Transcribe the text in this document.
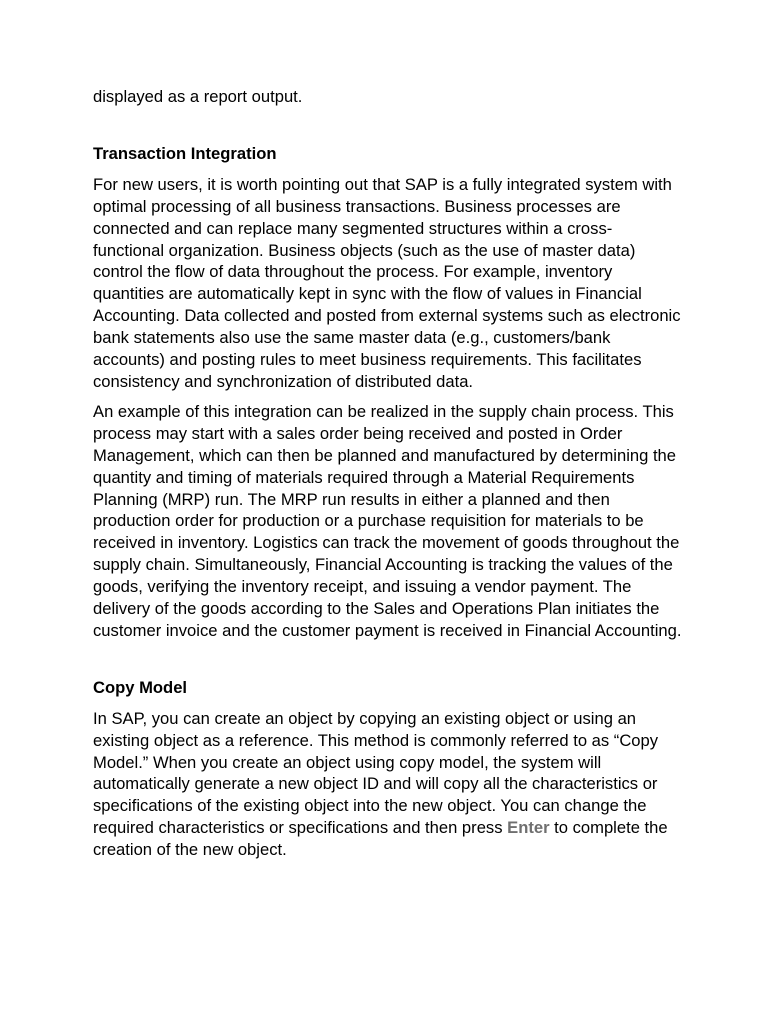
displayed as a report output.

Transaction Integration

For new users, it is worth pointing out that SAP is a fully integrated system with optimal processing of all business transactions. Business processes are connected and can replace many segmented structures within a cross-functional organization. Business objects (such as the use of master data) control the flow of data throughout the process. For example, inventory quantities are automatically kept in sync with the flow of values in Financial Accounting. Data collected and posted from external systems such as electronic bank statements also use the same master data (e.g., customers/bank accounts) and posting rules to meet business requirements. This facilitates consistency and synchronization of distributed data.

An example of this integration can be realized in the supply chain process. This process may start with a sales order being received and posted in Order Management, which can then be planned and manufactured by determining the quantity and timing of materials required through a Material Requirements Planning (MRP) run. The MRP run results in either a planned and then production order for production or a purchase requisition for materials to be received in inventory. Logistics can track the movement of goods throughout the supply chain. Simultaneously, Financial Accounting is tracking the values of the goods, verifying the inventory receipt, and issuing a vendor payment. The delivery of the goods according to the Sales and Operations Plan initiates the customer invoice and the customer payment is received in Financial Accounting.

Copy Model

In SAP, you can create an object by copying an existing object or using an existing object as a reference. This method is commonly referred to as “Copy Model.” When you create an object using copy model, the system will automatically generate a new object ID and will copy all the characteristics or specifications of the existing object into the new object. You can change the required characteristics or specifications and then press Enter to complete the creation of the new object.
